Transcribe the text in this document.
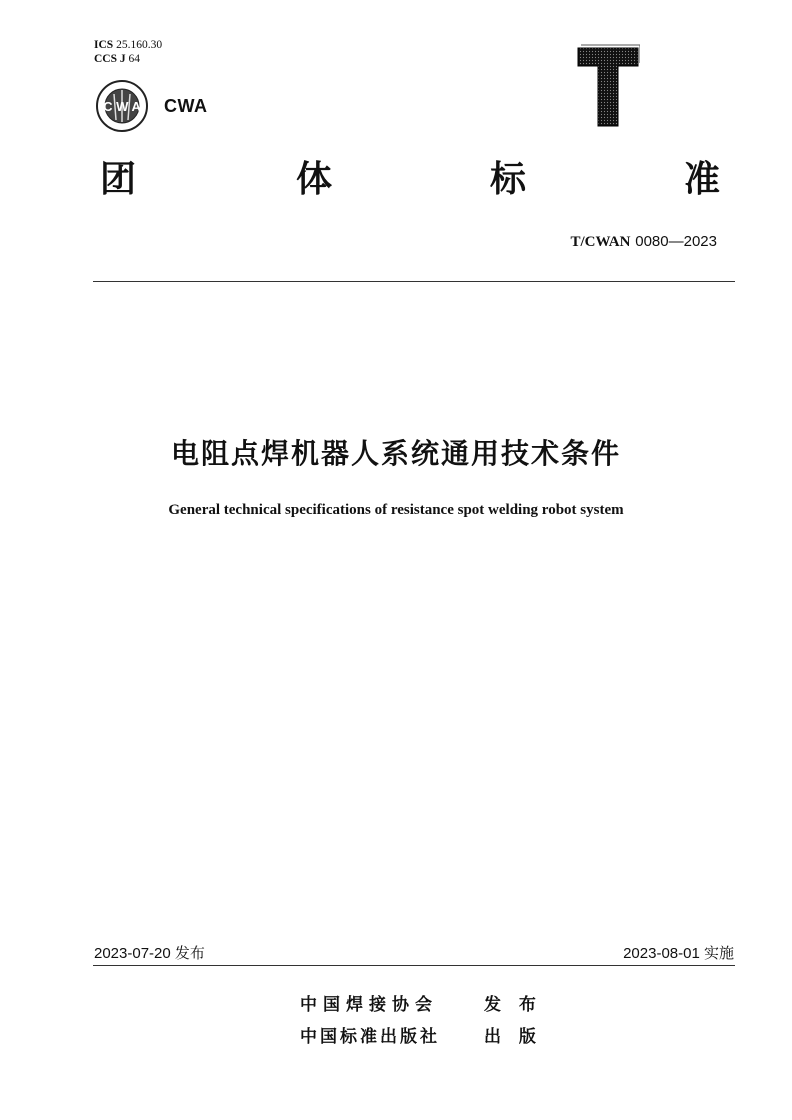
ICS 25.160.30
CCS J 64
C W A CWA
团	体	标	准
T/CWAN 0080—2023
电阻点焊机器人系统通用技术条件
General technical specifications of resistance spot welding robot system
2023-07-20 发布	2023-08-01 实施
中国焊接协会	发 布
中国标准出版社	出 版
